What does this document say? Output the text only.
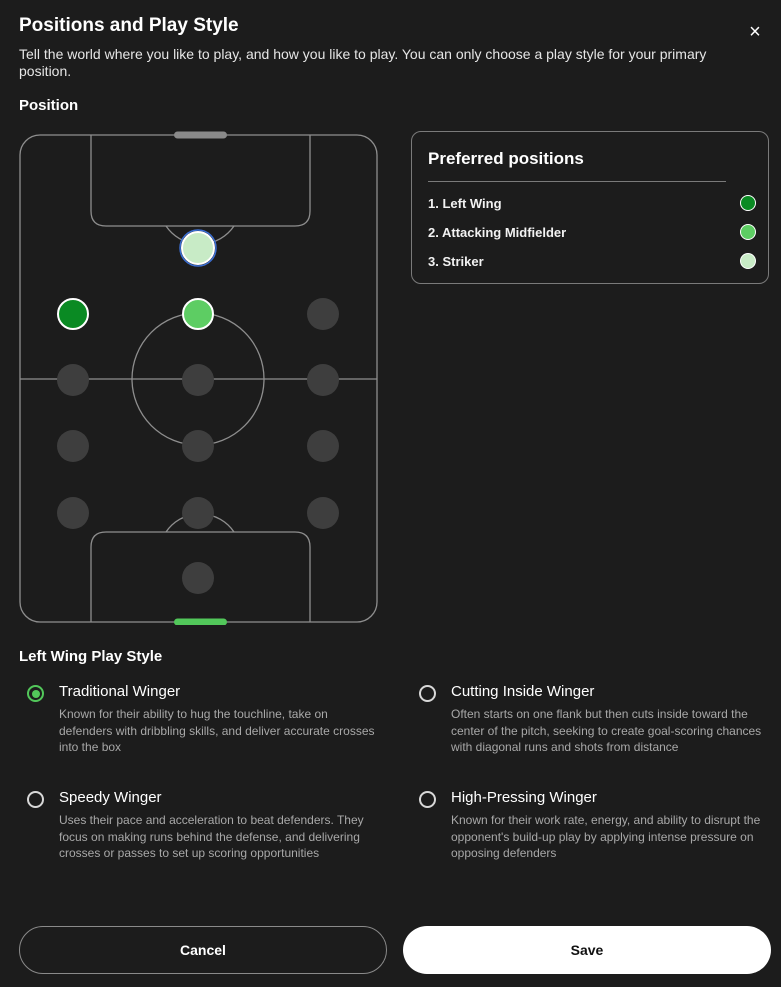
Positions and Play Style	×

Tell the world where you like to play, and how you like to play. You can only choose a play style for your primary position.

Position
Preferred positions
1. Left Wing
2. Attacking Midfielder
3. Striker
Left Wing Play Style
Traditional Winger
Known for their ability to hug the touchline, take on defenders with dribbling skills, and deliver accurate crosses into the box
Cutting Inside Winger
Often starts on one flank but then cuts inside toward the center of the pitch, seeking to create goal-scoring chances with diagonal runs and shots from distance
Speedy Winger
Uses their pace and acceleration to beat defenders. They focus on making runs behind the defense, and delivering crosses or passes to set up scoring opportunities
High-Pressing Winger
Known for their work rate, energy, and ability to disrupt the opponent's build-up play by applying intense pressure on opposing defenders
Cancel	Save
